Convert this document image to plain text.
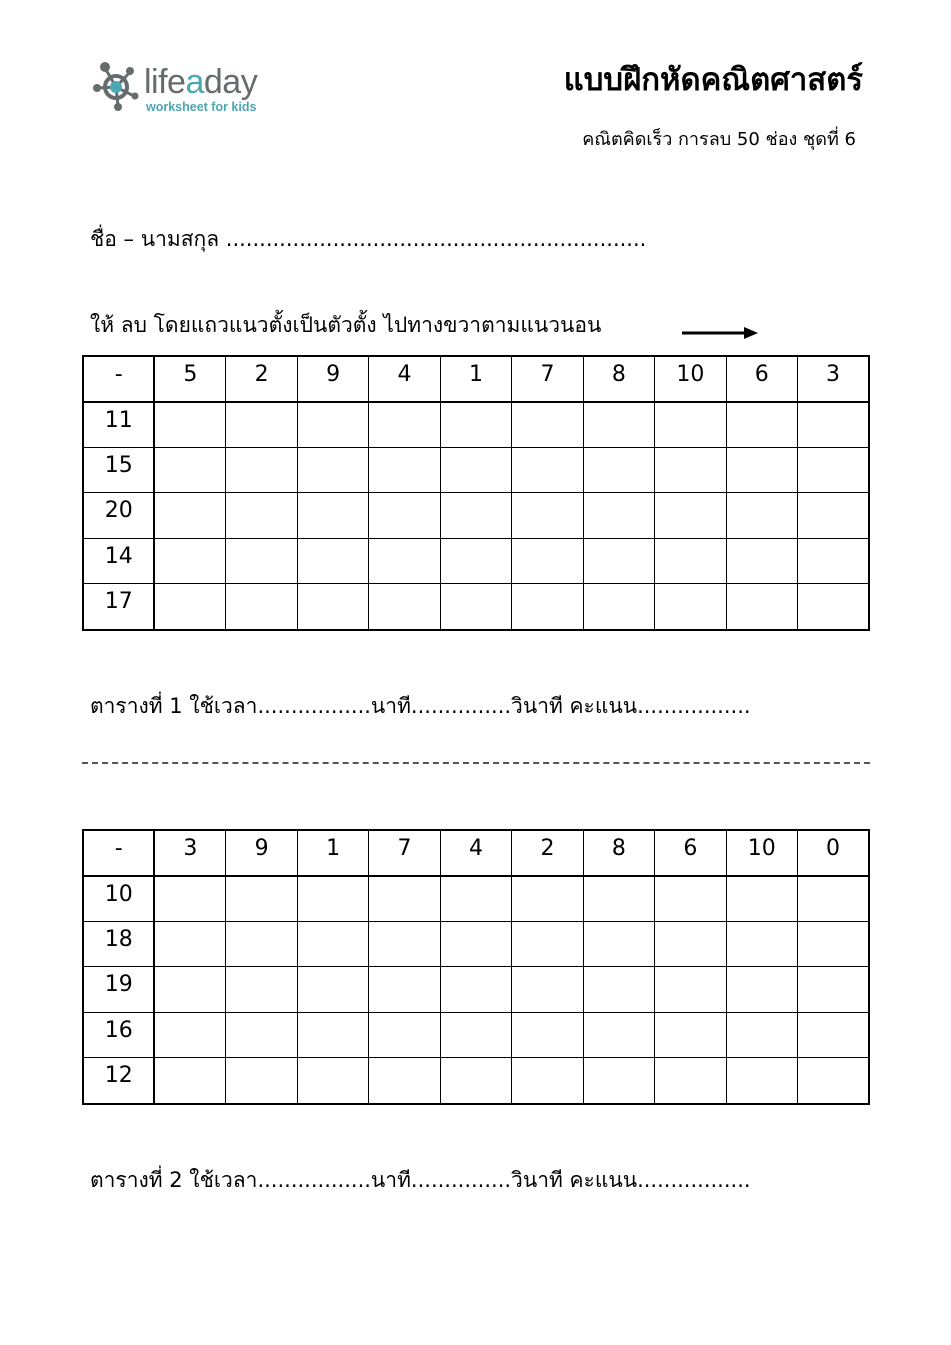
lifeaday
worksheet for kids
แบบฝึกหัดคณิตศาสตร์
คณิตคิดเร็ว การลบ 50 ช่อง ชุดที่ 6
ชื่อ – นามสกุล ...............................................................
ให้ ลบ โดยแถวแนวตั้งเป็นตัวตั้ง ไปทางขวาตามแนวนอน
-	5	2	9	4	1	7	8	10	6	3
11										
15										
20										
14										
17										
ตารางที่ 1 ใช้เวลา.................นาที...............วินาที คะแนน.................
-	3	9	1	7	4	2	8	6	10	0
10										
18										
19										
16										
12										
ตารางที่ 2 ใช้เวลา.................นาที...............วินาที คะแนน.................
